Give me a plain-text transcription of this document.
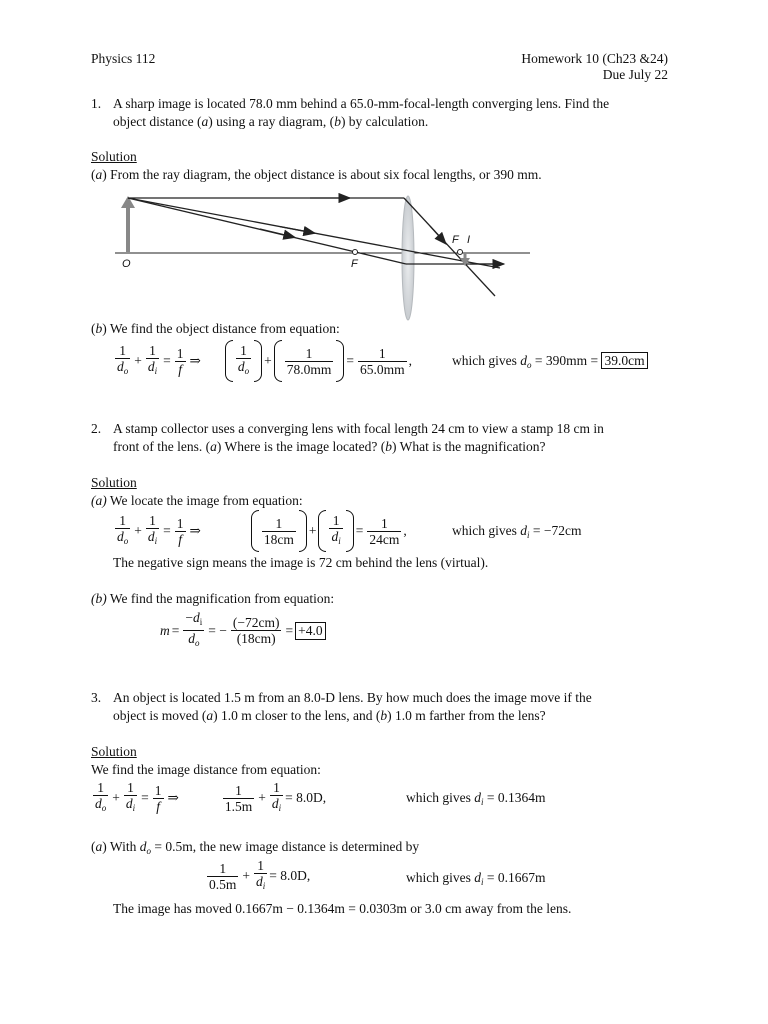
Physics 112	Homework 10 (Ch23 &24)
Due July 22
1. A sharp image is located 78.0 mm behind a 65.0-mm-focal-length converging lens. Find the
object distance (a) using a ray diagram, (b) by calculation.
Solution
(a) From the ray diagram, the object distance is about six focal lengths, or 390 mm.
O	F
F I
(b) We find the object distance from equation:
$\frac{1}{d_o} + \frac{1}{d_i} = \frac{1}{f}$ ⇒	$\frac{1}{d_o} + \frac{1}{78.0mm} = \frac{1}{65.0mm}$ ,	which gives $d_o = 390mm = 39.0cm$
2. A stamp collector uses a converging lens with focal length 24 cm to view a stamp 18 cm in
front of the lens. (a) Where is the image located? (b) What is the magnification?
Solution
(a) We locate the image from equation:
$\frac{1}{d_o} + \frac{1}{d_i} = \frac{1}{f}$ ⇒	$\frac{1}{18cm} + \frac{1}{d_i} = \frac{1}{24cm}$ ,	which gives $d_i = -72cm$
The negative sign means the image is 72 cm behind the lens (virtual).
(b) We find the magnification from equation:
$m = \frac{-d_i}{d_o}$ = − $\frac{(-72cm)}{(18cm)} = +4.0$
3. An object is located 1.5 m from an 8.0-D lens. By how much does the image move if the
object is moved (a) 1.0 m closer to the lens, and (b) 1.0 m farther from the lens?
Solution
We find the image distance from equation:
$\frac{1}{d_o} + \frac{1}{d_i} = \frac{1}{f}$ ⇒	$\frac{1}{1.5m} + \frac{1}{d_i} = 8.0D$,	which gives $d_i = 0.1364m$
(a) With $d_o = 0.5m$, the new image distance is determined by
$\frac{1}{0.5m} + \frac{1}{d_i} = 8.0D$,	which gives $d_i = 0.1667m$
The image has moved 0.1667m − 0.1364m = 0.0303m or 3.0 cm away from the lens.
